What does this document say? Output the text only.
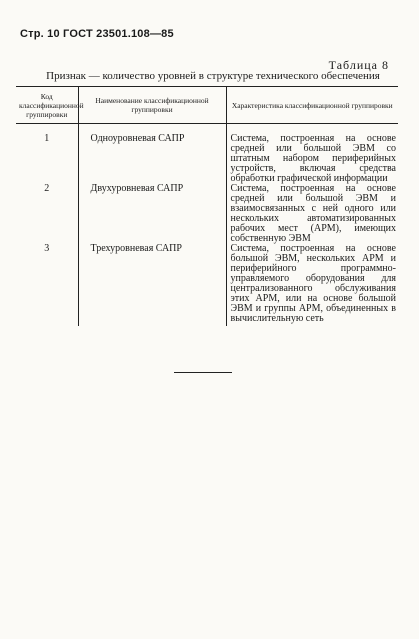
Стр. 10 ГОСТ 23501.108—85
Таблица 8
Признак — количество уровней в структуре технического обеспечения
Код классификационной группировки	Наименование классификационной группировки	Характеристика классификационной группировки
1	Одноуровневая САПР	Система, построенная на основе средней или большой ЭВМ со штатным набором периферийных устройств, включая средства обработки графической информации
2	Двухуровневая САПР	Система, построенная на основе средней или большой ЭВМ и взаимосвязанных с ней одного или нескольких автоматизированных рабочих мест (АРМ), имеющих собственную ЭВМ
3	Трехуровневая САПР	Система, построенная на основе большой ЭВМ, нескольких АРМ и периферийного программно-управляемого оборудования для централизованного обслуживания этих АРМ, или на основе большой ЭВМ и группы АРМ, объединенных в вычислительную сеть
